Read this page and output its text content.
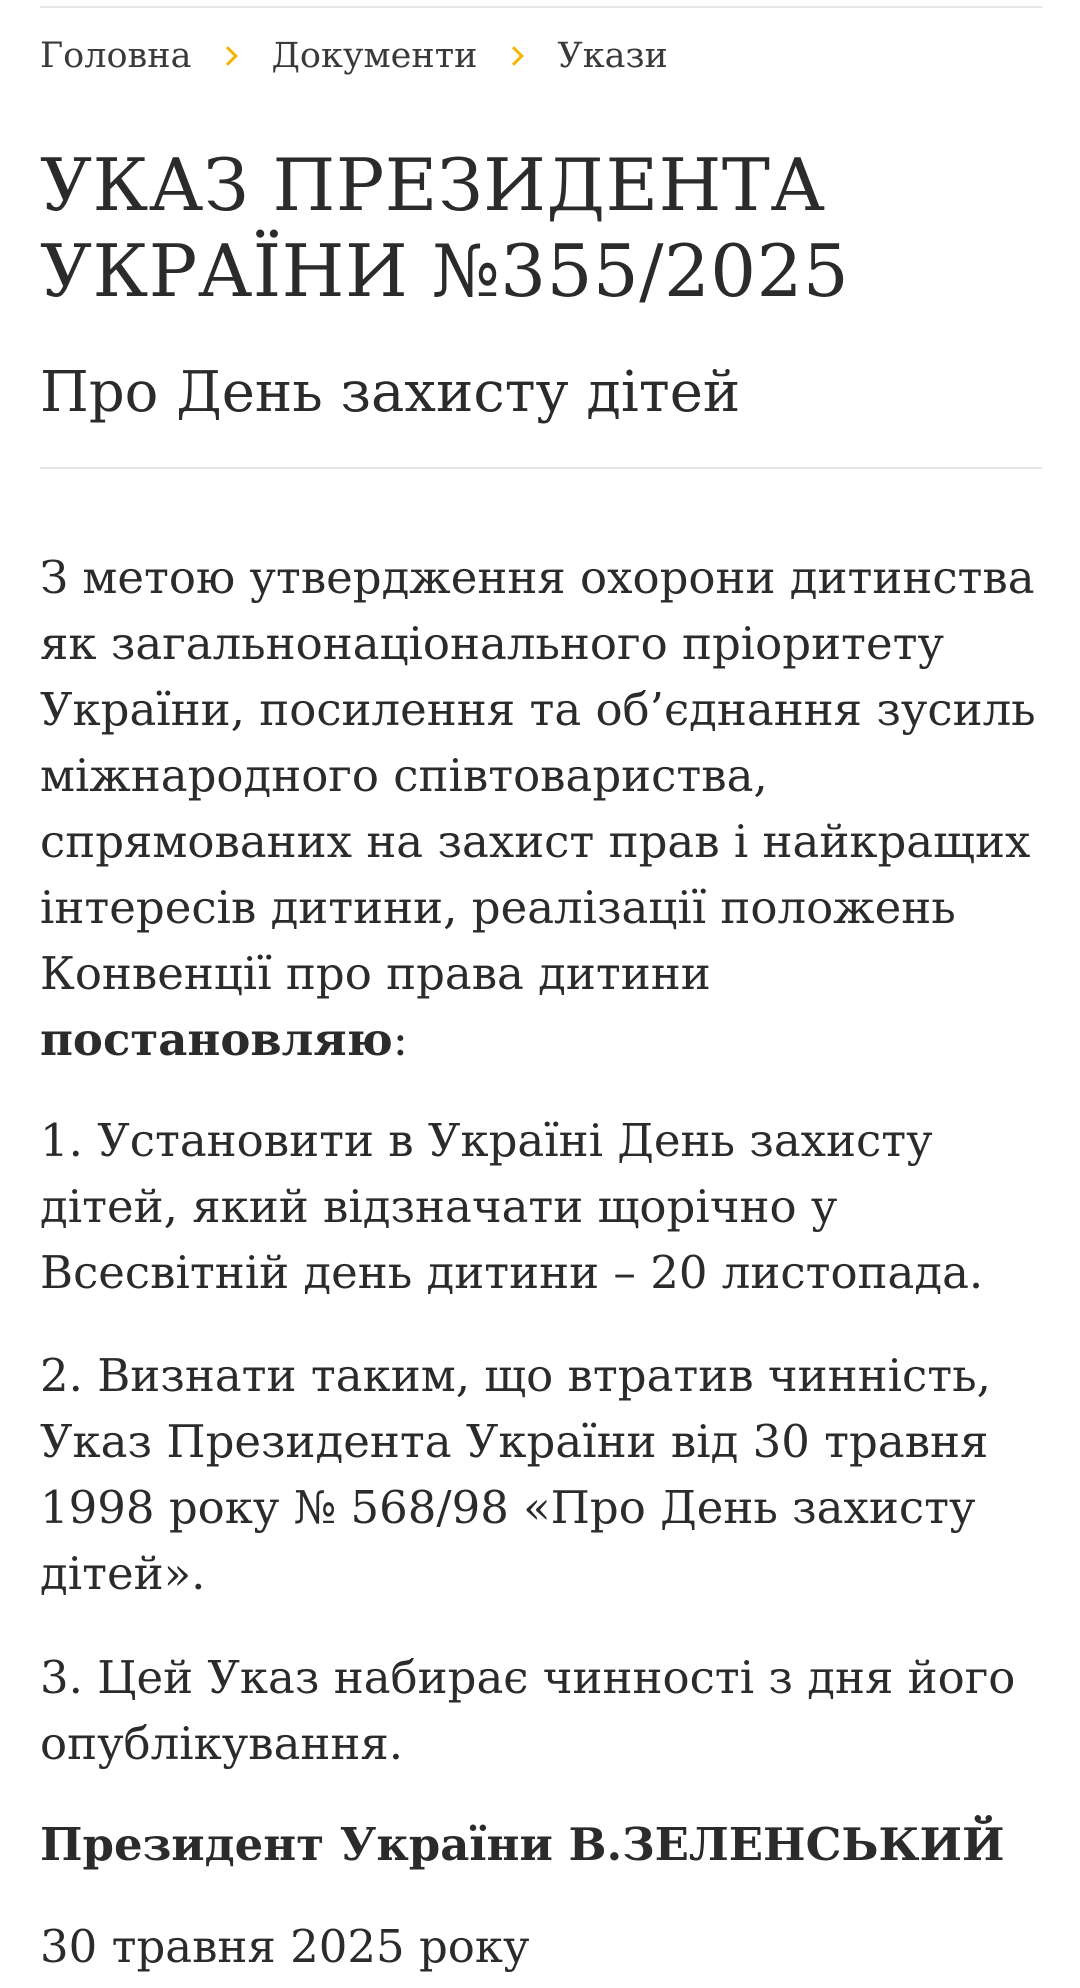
Головна Документи Укази
УКАЗ ПРЕЗИДЕНТА УКРАЇНИ №355/2025
Про День захисту дітей

З метою утвердження охорони дитинства як загальнонаціонального пріоритету України, посилення та об’єднання зусиль міжнародного співтовариства, спрямованих на захист прав і найкращих інтересів дитини, реалізації положень Конвенції про права дитини постановляю:

1. Установити в Україні День захисту дітей, який відзначати щорічно у Всесвітній день дитини – 20 листопада.

2. Визнати таким, що втратив чинність, Указ Президента України від 30 травня 1998 року № 568/98 «Про День захисту дітей».

3. Цей Указ набирає чинності з дня його опублікування.

Президент України В.ЗЕЛЕНСЬКИЙ

30 травня 2025 року
